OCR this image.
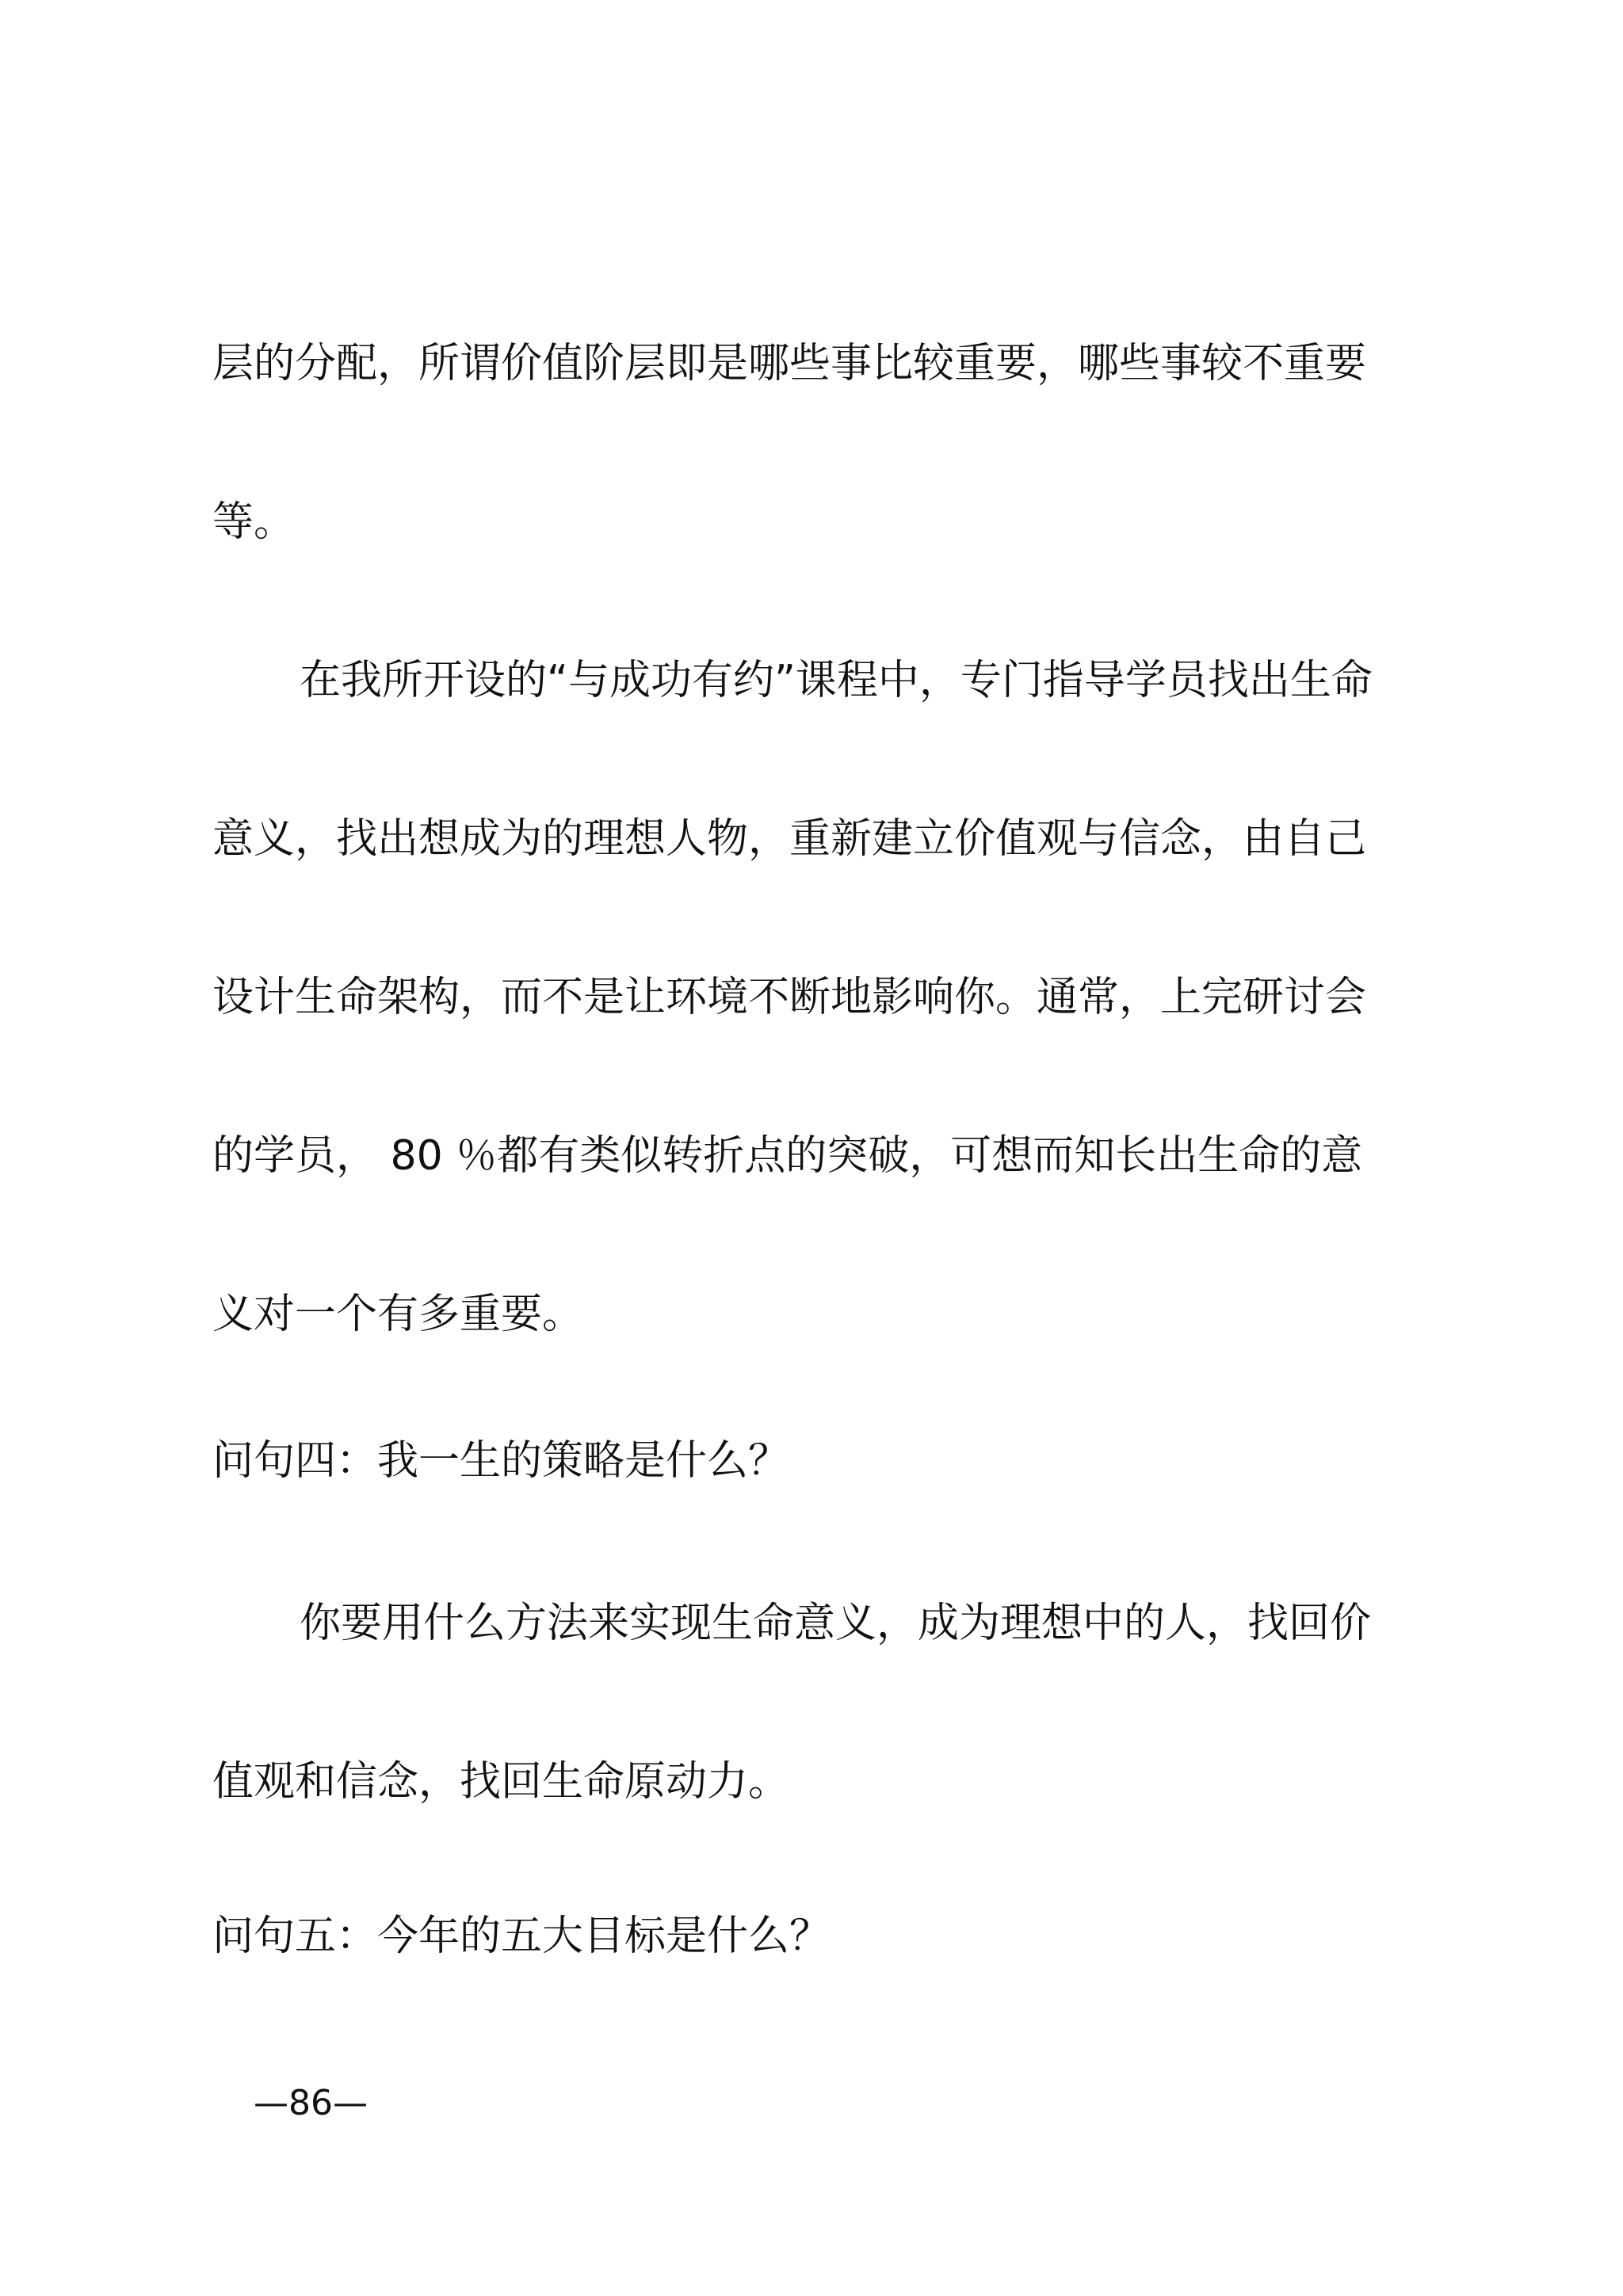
层的分配，所谓价值阶层即是哪些事比较重要，哪些事较不重要
等。
在我所开设的“与成功有约”课程中，专门指导学员找出生命
意义，找出想成为的理想人物，重新建立价值观与信念，由自己
设计生命架构，而不是让环境不断地影响你。通常，上完研讨会
的学员， 80 ％都有类似转折点的突破，可想而知长出生命的意
义对一个有多重要。
问句四：我一生的策略是什么？
你要用什么方法来实现生命意义，成为理想中的人，找回价
值观和信念，找回生命原动力。
问句五：今年的五大目标是什么？
—86—
